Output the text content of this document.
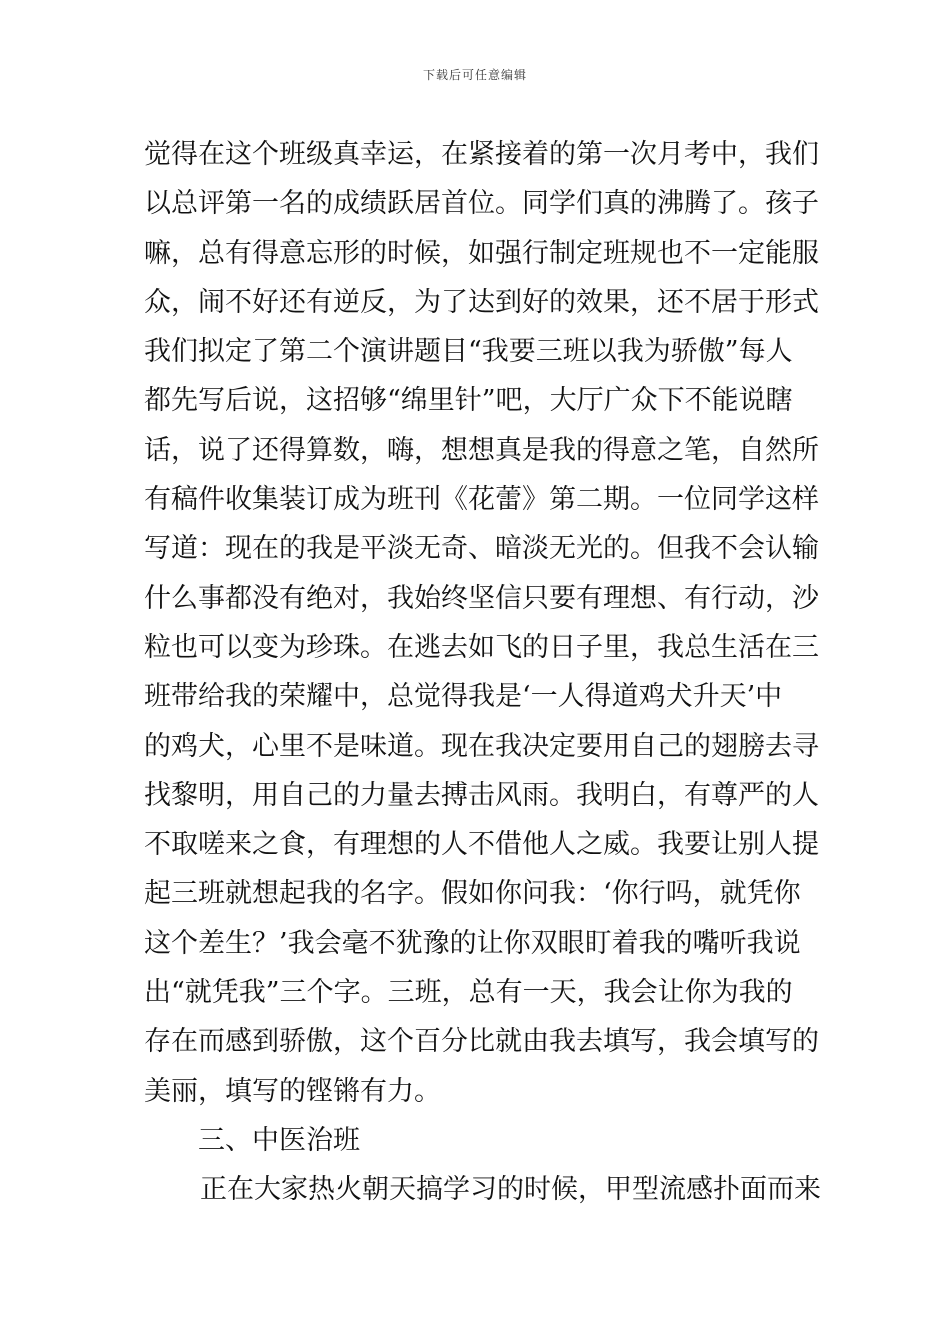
下载后可任意编辑
觉得在这个班级真幸运，在紧接着的第一次月考中，我们
以总评第一名的成绩跃居首位。同学们真的沸腾了。孩子
嘛，总有得意忘形的时候，如强行制定班规也不一定能服
众，闹不好还有逆反，为了达到好的效果，还不居于形式
我们拟定了第二个演讲题目“我要三班以我为骄傲”每人
都先写后说，这招够“绵里针”吧，大厅广众下不能说瞎
话，说了还得算数，嗨，想想真是我的得意之笔，自然所
有稿件收集装订成为班刊《花蕾》第二期。一位同学这样
写道：现在的我是平淡无奇、暗淡无光的。但我不会认输
什么事都没有绝对，我始终坚信只要有理想、有行动，沙
粒也可以变为珍珠。在逃去如飞的日子里，我总生活在三
班带给我的荣耀中，总觉得我是‘一人得道鸡犬升天’中
的鸡犬，心里不是味道。现在我决定要用自己的翅膀去寻
找黎明，用自己的力量去搏击风雨。我明白，有尊严的人
不取嗟来之食，有理想的人不借他人之威。我要让别人提
起三班就想起我的名字。假如你问我：‘你行吗，就凭你
这个差生？’我会毫不犹豫的让你双眼盯着我的嘴听我说
出“就凭我”三个字。三班，总有一天，我会让你为我的
存在而感到骄傲，这个百分比就由我去填写，我会填写的
美丽，填写的铿锵有力。
三、中医治班
正在大家热火朝天搞学习的时候，甲型流感扑面而来
